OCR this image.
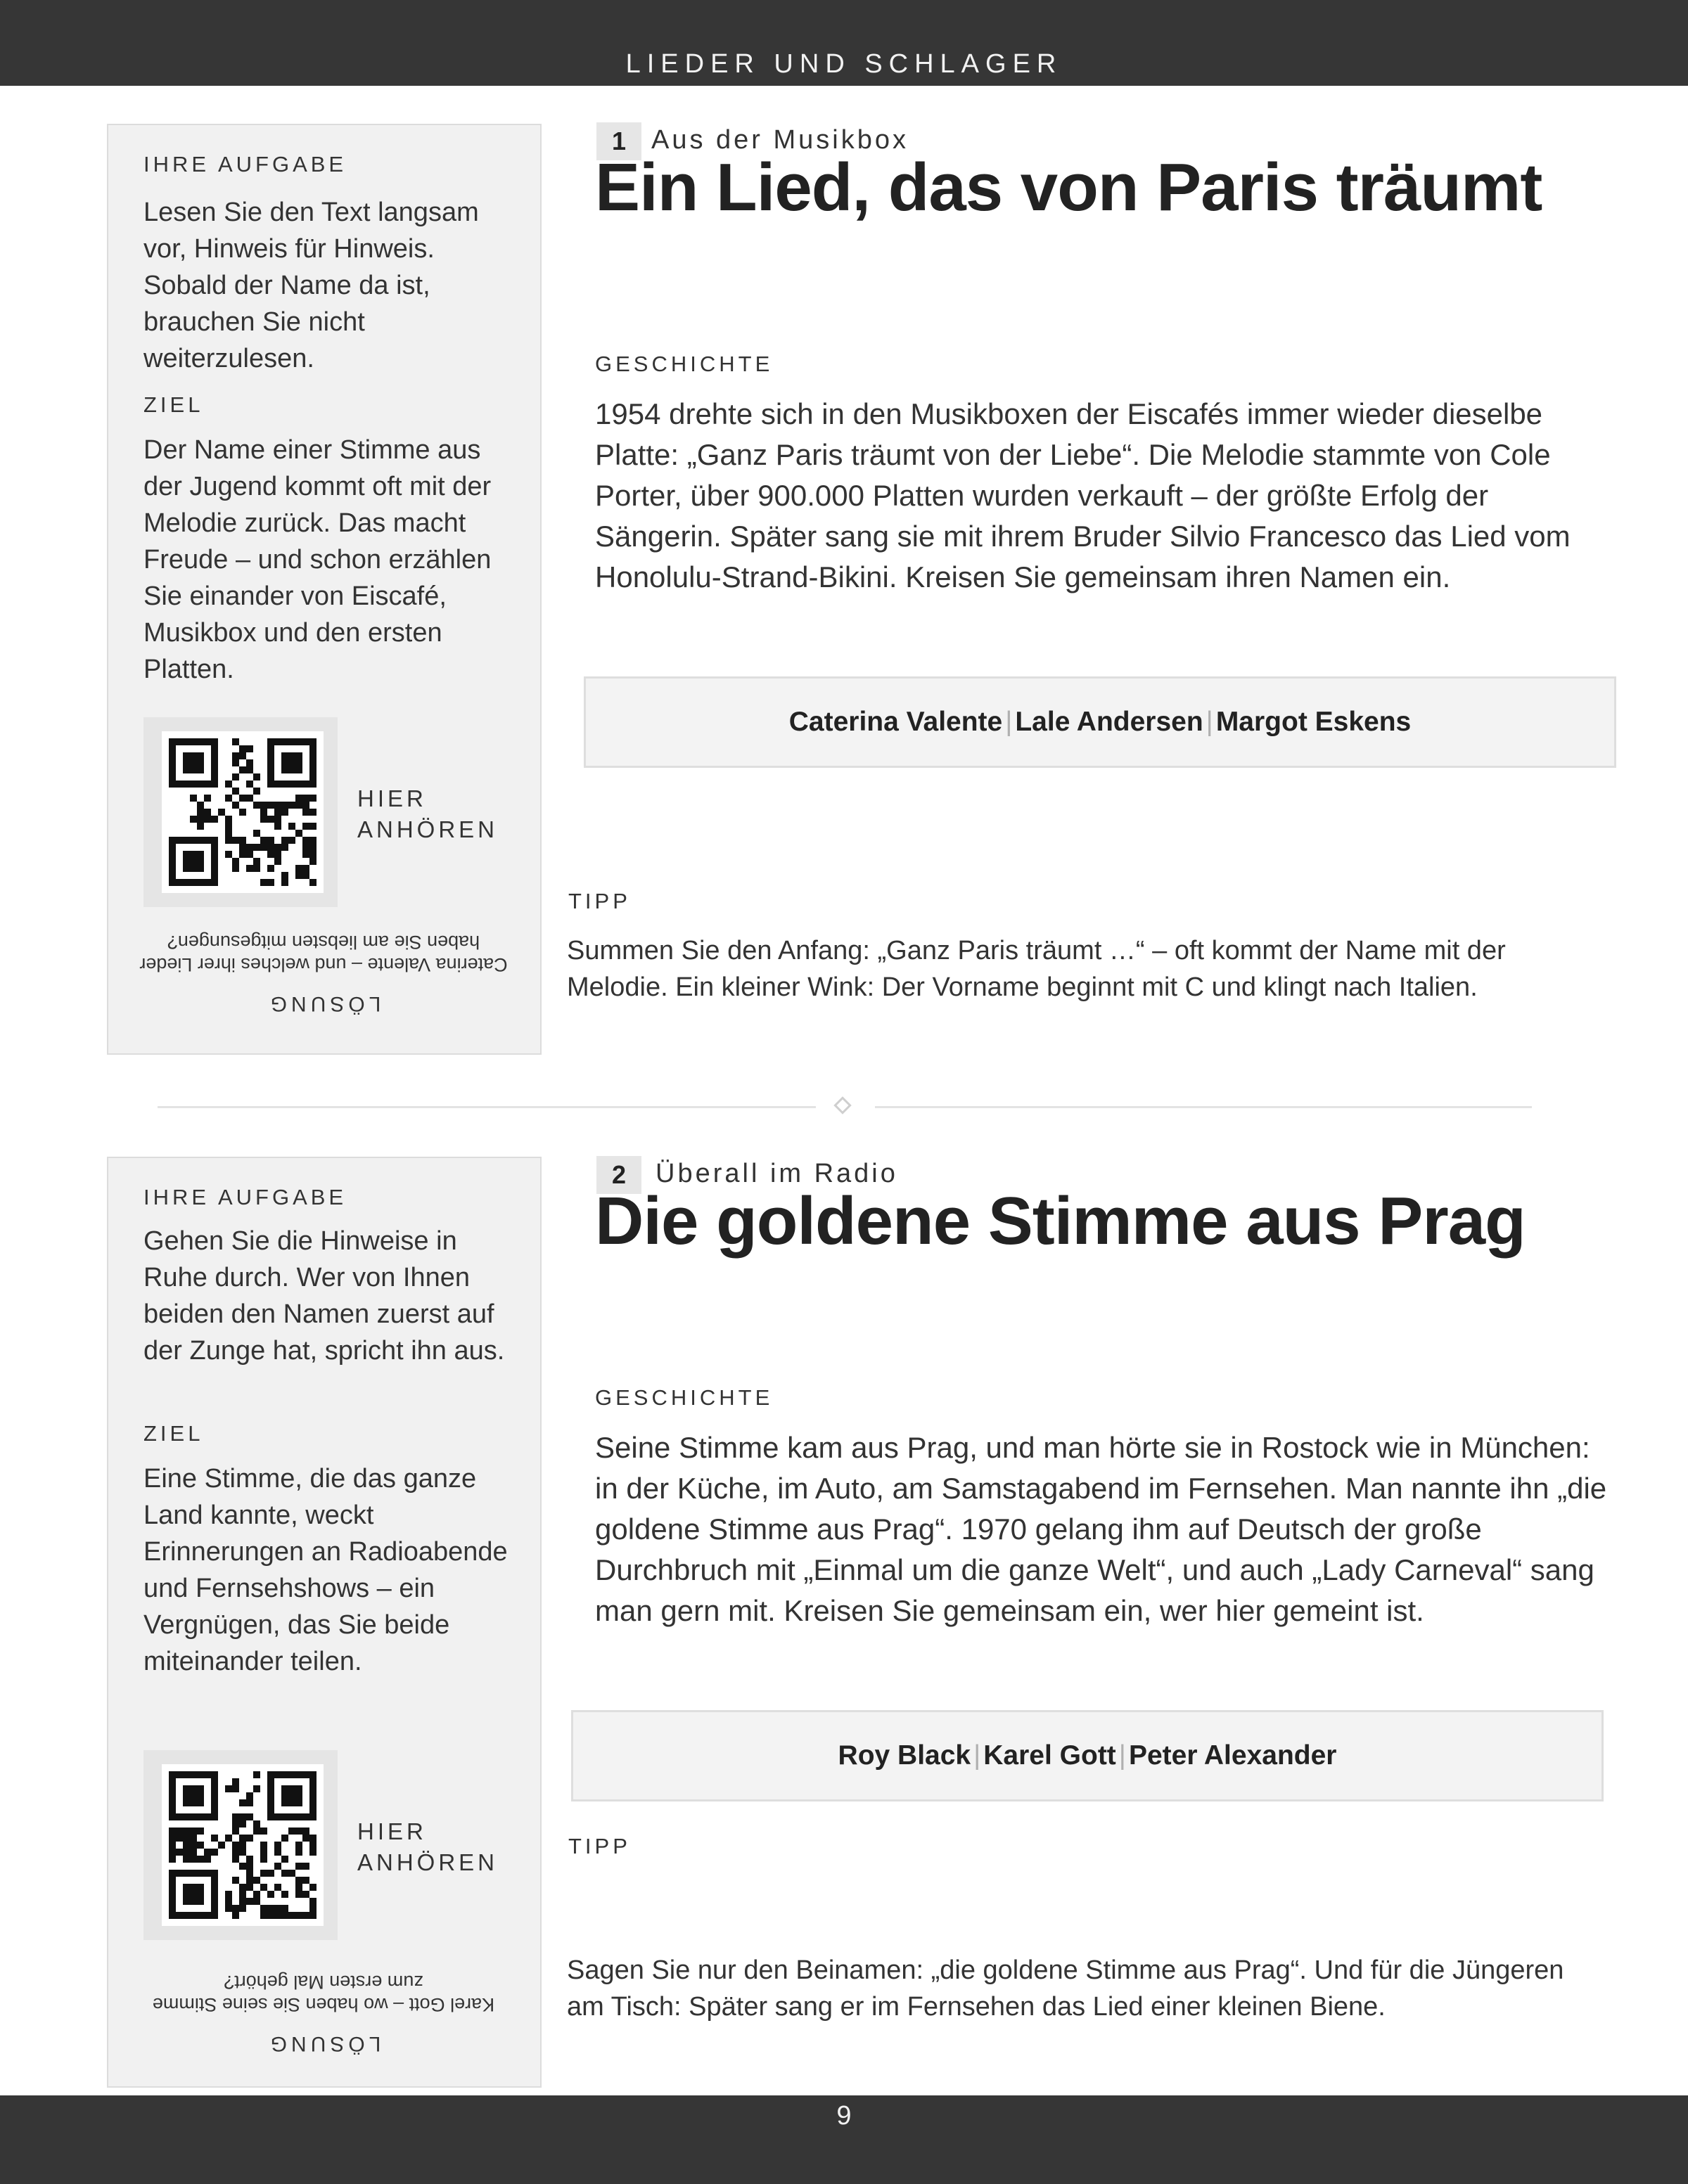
LIEDER UND SCHLAGER
IHRE AUFGABE
Lesen Sie den Text langsam vor, Hinweis für Hinweis. Sobald der Name da ist, brauchen Sie nicht weiterzulesen.
ZIEL
Der Name einer Stimme aus der Jugend kommt oft mit der Melodie zurück. Das macht Freude – und schon erzählen Sie einander von Eiscafé, Musikbox und den ersten Platten.
HIER
ANHÖREN
LÖSUNG
Caterina Valente – und welches ihrer Lieder haben Sie am liebsten mitgesungen?
1 Aus der Musikbox
Ein Lied, das von Paris träumt
GESCHICHTE
1954 drehte sich in den Musikboxen der Eiscafés immer wieder dieselbe Platte: „Ganz Paris träumt von der Liebe“. Die Melodie stammte von Cole Porter, über 900.000 Platten wurden verkauft – der größte Erfolg der Sängerin. Später sang sie mit ihrem Bruder Silvio Francesco das Lied vom Honolulu-Strand-Bikini. Kreisen Sie gemeinsam ihren Namen ein.
Caterina Valente | Lale Andersen | Margot Eskens
TIPP
Summen Sie den Anfang: „Ganz Paris träumt …“ – oft kommt der Name mit der Melodie. Ein kleiner Wink: Der Vorname beginnt mit C und klingt nach Italien.
IHRE AUFGABE
Gehen Sie die Hinweise in Ruhe durch. Wer von Ihnen beiden den Namen zuerst auf der Zunge hat, spricht ihn aus.
ZIEL
Eine Stimme, die das ganze Land kannte, weckt Erinnerungen an Radioabende und Fernsehshows – ein Vergnügen, das Sie beide miteinander teilen.
HIER
ANHÖREN
LÖSUNG
Karel Gott – wo haben Sie seine Stimme zum ersten Mal gehört?
2	Überall im Radio
Die goldene Stimme aus Prag
GESCHICHTE
Seine Stimme kam aus Prag, und man hörte sie in Rostock wie in München: in der Küche, im Auto, am Samstagabend im Fernsehen. Man nannte ihn „die goldene Stimme aus Prag“. 1970 gelang ihm auf Deutsch der große Durchbruch mit „Einmal um die ganze Welt“, und auch „Lady Carneval“ sang man gern mit. Kreisen Sie gemeinsam ein, wer hier gemeint ist.
Roy Black | Karel Gott | Peter Alexander
TIPP
Sagen Sie nur den Beinamen: „die goldene Stimme aus Prag“. Und für die Jüngeren am Tisch: Später sang er im Fernsehen das Lied einer kleinen Biene.
9
